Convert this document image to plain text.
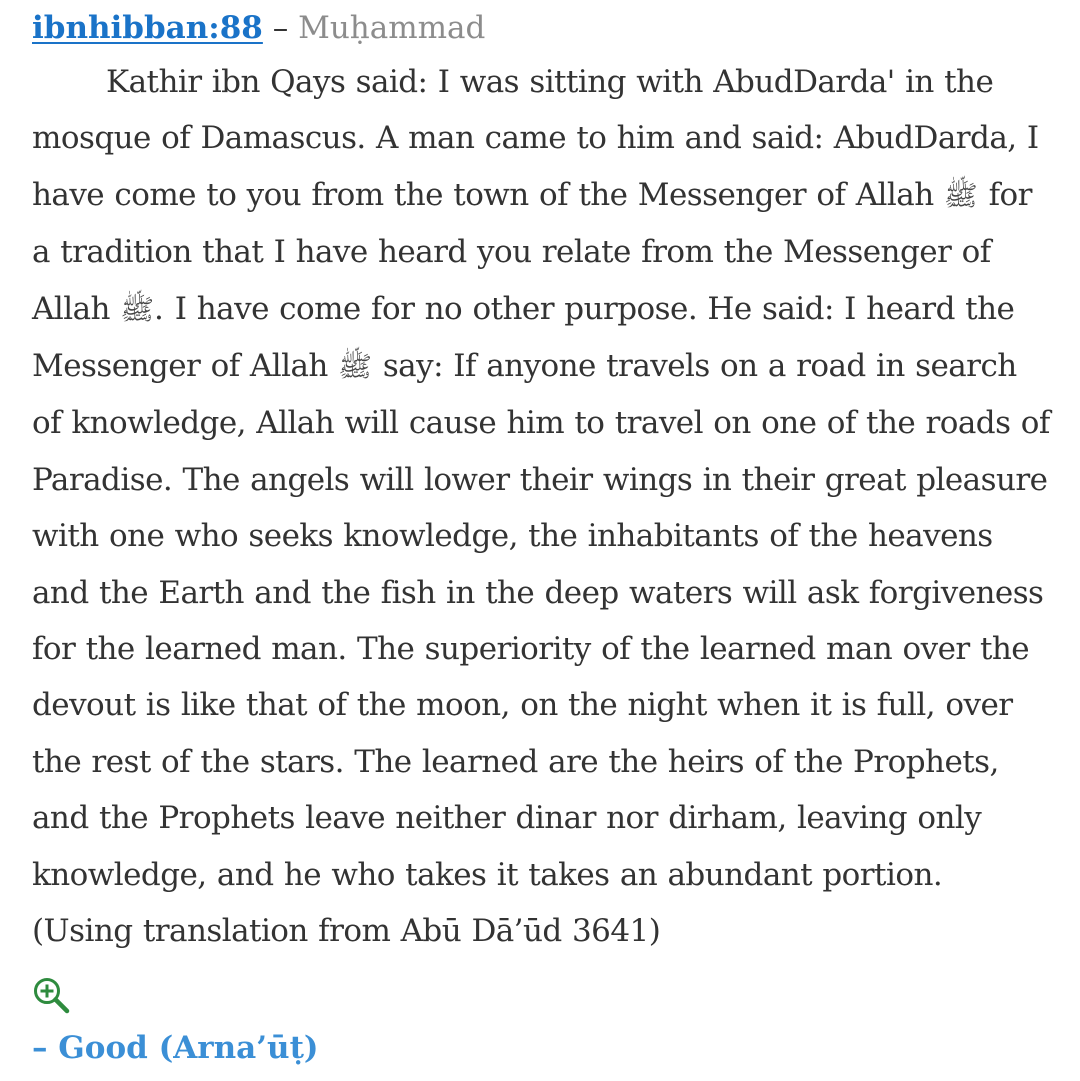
ibnhibban:88 – Muḥammad

Kathir ibn Qays said: I was sitting with AbudDarda' in the mosque of Damascus. A man came to him and said: AbudDarda, I have come to you from the town of the Messenger of Allah ﷺ for a tradition that I have heard you relate from the Messenger of Allah ﷺ. I have come for no other purpose. He said: I heard the Messenger of Allah ﷺ say: If anyone travels on a road in search of knowledge, Allah will cause him to travel on one of the roads of Paradise. The angels will lower their wings in their great pleasure with one who seeks knowledge, the inhabitants of the heavens and the Earth and the fish in the deep waters will ask forgiveness for the learned man. The superiority of the learned man over the devout is like that of the moon, on the night when it is full, over the rest of the stars. The learned are the heirs of the Prophets, and the Prophets leave neither dinar nor dirham, leaving only knowledge, and he who takes it takes an abundant portion. (Using translation from Abū Dā’ūd 3641)

– Good (Arna’ūṭ)
